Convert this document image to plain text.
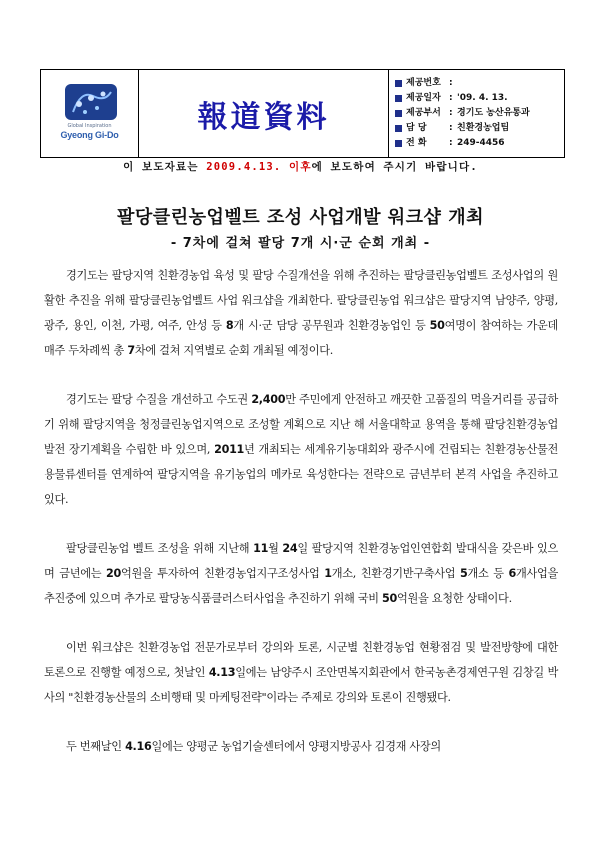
Global Inspiration
Gyeong Gi-Do
報道資料
제공번호 :
제공일자 : '09. 4. 13.
제공부서 : 경기도 농산유통과
담 당	: 친환경농업팀
전 화	: 249-4456
이 보도자료는 2009.4.13. 이후에 보도하여 주시기 바랍니다.
팔당클린농업벨트 조성 사업개발 워크샵 개최
- 7차에 걸쳐 팔당 7개 시·군 순회 개최 -

경기도는 팔당지역 친환경농업 육성 및 팔당 수질개선을 위해 추진하는 팔당클린농업벨트 조성사업의 원활한 추진을 위해 팔당클린농업벨트 사업 워크샵을 개최한다. 팔당클린농업 워크샵은 팔당지역 남양주, 양평, 광주, 용인, 이천, 가평, 여주, 안성 등 8개 시·군 담당 공무원과 친환경농업인 등 50여명이 참여하는 가운데 매주 두차례씩 총 7차에 걸쳐 지역별로 순회 개최될 예정이다.

경기도는 팔당 수질을 개선하고 수도권 2,400만 주민에게 안전하고 깨끗한 고품질의 먹을거리를 공급하기 위해 팔당지역을 청정클린농업지역으로 조성할 계획으로 지난 해 서울대학교 용역을 통해 팔당친환경농업발전 장기계획을 수립한 바 있으며, 2011년 개최되는 세계유기농대회와 광주시에 건립되는 친환경농산물전용물류센터를 연계하여 팔당지역을 유기농업의 메카로 육성한다는 전략으로 금년부터 본격 사업을 추진하고 있다.

팔당클린농업 벨트 조성을 위해 지난해 11월 24일 팔당지역 친환경농업인연합회 발대식을 갖은바 있으며 금년에는 20억원을 투자하여 친환경농업지구조성사업 1개소, 친환경기반구축사업 5개소 등 6개사업을 추진중에 있으며 추가로 팔당농식품클러스터사업을 추진하기 위해 국비 50억원을 요청한 상태이다.

이번 워크샵은 친환경농업 전문가로부터 강의와 토론, 시군별 친환경농업 현황점검 및 발전방향에 대한 토론으로 진행할 예정으로, 첫날인 4.13일에는 남양주시 조안면복지회관에서 한국농촌경제연구원 김창길 박사의 "친환경농산물의 소비행태 및 마케팅전략"이라는 주제로 강의와 토론이 진행됐다.

두 번째날인 4.16일에는 양평군 농업기술센터에서 양평지방공사 김경재 사장의
